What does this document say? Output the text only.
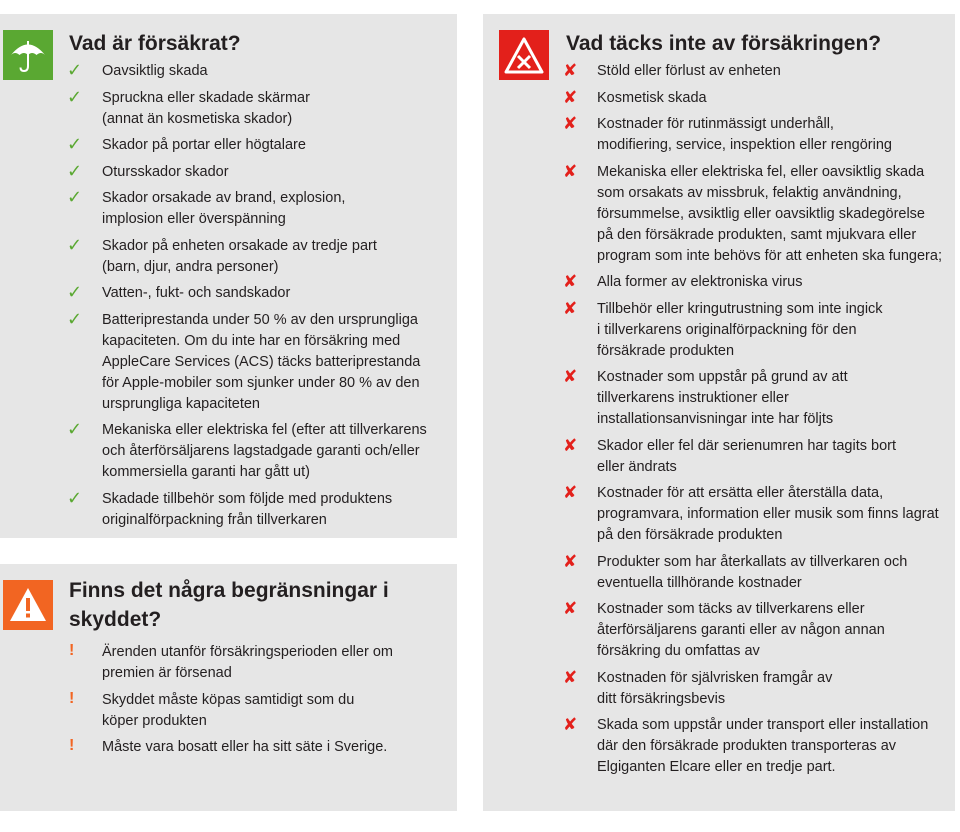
Vad är försäkrat?
✓ Oavsiktlig skada
✓ Spruckna eller skadade skärmar
(annat än kosmetiska skador)
✓ Skador på portar eller högtalare
✓ Otursskador skador
✓ Skador orsakade av brand, explosion,
implosion eller överspänning
✓ Skador på enheten orsakade av tredje part
(barn, djur, andra personer)
✓ Vatten-, fukt- och sandskador
✓ Batteriprestanda under 50 % av den ursprungliga
kapaciteten. Om du inte har en försäkring med
AppleCare Services (ACS) täcks batteriprestanda
för Apple-mobiler som sjunker under 80 % av den
ursprungliga kapaciteten
✓ Mekaniska eller elektriska fel (efter att tillverkarens
och återförsäljarens lagstadgade garanti och/eller
kommersiella garanti har gått ut)
✓ Skadade tillbehör som följde med produktens
originalförpackning från tillverkaren
Finns det några begränsningar i
skyddet?
! Ärenden utanför försäkringsperioden eller om
premien är försenad
! Skyddet måste köpas samtidigt som du
köper produkten
! Måste vara bosatt eller ha sitt säte i Sverige.
Vad täcks inte av försäkringen?
✘ Stöld eller förlust av enheten
✘ Kosmetisk skada
✘ Kostnader för rutinmässigt underhåll,
modifiering, service, inspektion eller rengöring
✘ Mekaniska eller elektriska fel, eller oavsiktlig skada
som orsakats av missbruk, felaktig användning,
försummelse, avsiktlig eller oavsiktlig skadegörelse
på den försäkrade produkten, samt mjukvara eller
program som inte behövs för att enheten ska fungera;
✘ Alla former av elektroniska virus
✘ Tillbehör eller kringutrustning som inte ingick
i tillverkarens originalförpackning för den
försäkrade produkten
✘ Kostnader som uppstår på grund av att
tillverkarens instruktioner eller
installationsanvisningar inte har följts
✘ Skador eller fel där serienumren har tagits bort
eller ändrats
✘ Kostnader för att ersätta eller återställa data,
programvara, information eller musik som finns lagrat
på den försäkrade produkten
✘ Produkter som har återkallats av tillverkaren och
eventuella tillhörande kostnader
✘ Kostnader som täcks av tillverkarens eller
återförsäljarens garanti eller av någon annan
försäkring du omfattas av
✘ Kostnaden för självrisken framgår av
ditt försäkringsbevis
✘ Skada som uppstår under transport eller installation
där den försäkrade produkten transporteras av
Elgiganten Elcare eller en tredje part.
